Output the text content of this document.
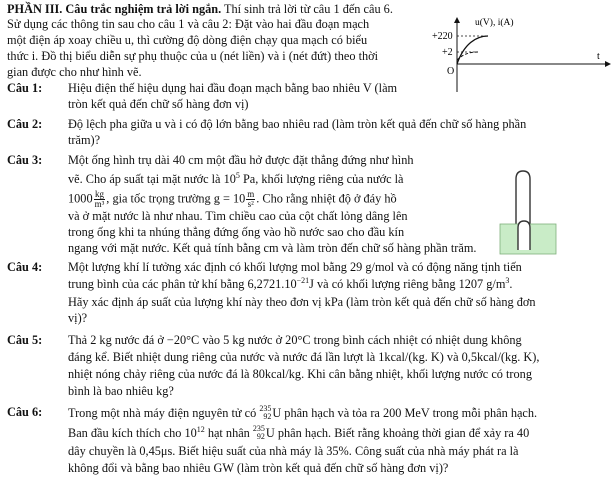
PHẦN III. Câu trắc nghiệm trả lời ngắn. Thí sinh trả lời từ câu 1 đến câu 6.
Sử dụng các thông tin sau cho câu 1 và câu 2: Đặt vào hai đầu đoạn mạch
một điện áp xoay chiều u, thì cường độ dòng điện chạy qua mạch có biểu
thức i. Đồ thị biểu diễn sự phụ thuộc của u (nét liền) và i (nét đứt) theo thời
gian được cho như hình vẽ.
u(V), i(A)
+220
+2
O
t
Câu 1: Hiệu điện thế hiệu dụng hai đầu đoạn mạch bằng bao nhiêu V (làm
tròn kết quả đến chữ số hàng đơn vị)
Câu 2: Độ lệch pha giữa u và i có độ lớn bằng bao nhiêu rad (làm tròn kết quả đến chữ số hàng phần
trăm)?
Câu 3: Một ống hình trụ dài 40 cm một đầu hở được đặt thẳng đứng như hình
vẽ. Cho áp suất tại mặt nước là $10^5$ Pa, khối lượng riêng của nước là
$1000 \frac{kg}{\text{m³}}$ , gia tốc trọng trường $g = 10 \frac{m}{\text{s²}}$ . Cho rằng nhiệt độ ở đáy hồ
và ở mặt nước là như nhau. Tìm chiều cao của cột chất lỏng dâng lên
trong ống khi ta nhúng thẳng đứng ống vào hồ nước sao cho đầu kín
ngang với mặt nước. Kết quả tính bằng cm và làm tròn đến chữ số hàng phần trăm.
Câu 4: Một lượng khí lí tưởng xác định có khối lượng mol bằng 29 g/mol và có động năng tịnh tiến
trung bình của các phân tử khí bằng $6,2721.10^{-21}J$ và có khối lượng riêng bằng 1207 $g/m^3$.
Hãy xác định áp suất của lượng khí này theo đơn vị kPa (làm tròn kết quả đến chữ số hàng đơn
vị)?
Câu 5: Thả 2 kg nước đá ở −20°C vào 5 kg nước ở 20°C trong bình cách nhiệt có nhiệt dung không
đáng kể. Biết nhiệt dung riêng của nước và nước đá lần lượt là 1kcal/(kg. K) và 0,5kcal/(kg. K),
nhiệt nóng chảy riêng của nước đá là 80kcal/kg. Khi cân bằng nhiệt, khối lượng nước có trong
bình là bao nhiêu kg?
Câu 6: Trong một nhà máy điện nguyên tử có 235
92 U phân hạch và tỏa ra 200 MeV trong mỗi phân hạch.
Ban đầu kích thích cho $10^{12}$ hạt nhân 235
92 U phân hạch. Biết rằng khoảng thời gian để xảy ra 40
dây chuyền là 0,45μs. Biết hiệu suất của nhà máy là 35%. Công suất của nhà máy phát ra là
không đổi và bằng bao nhiêu GW (làm tròn kết quả đến chữ số hàng đơn vị)?
